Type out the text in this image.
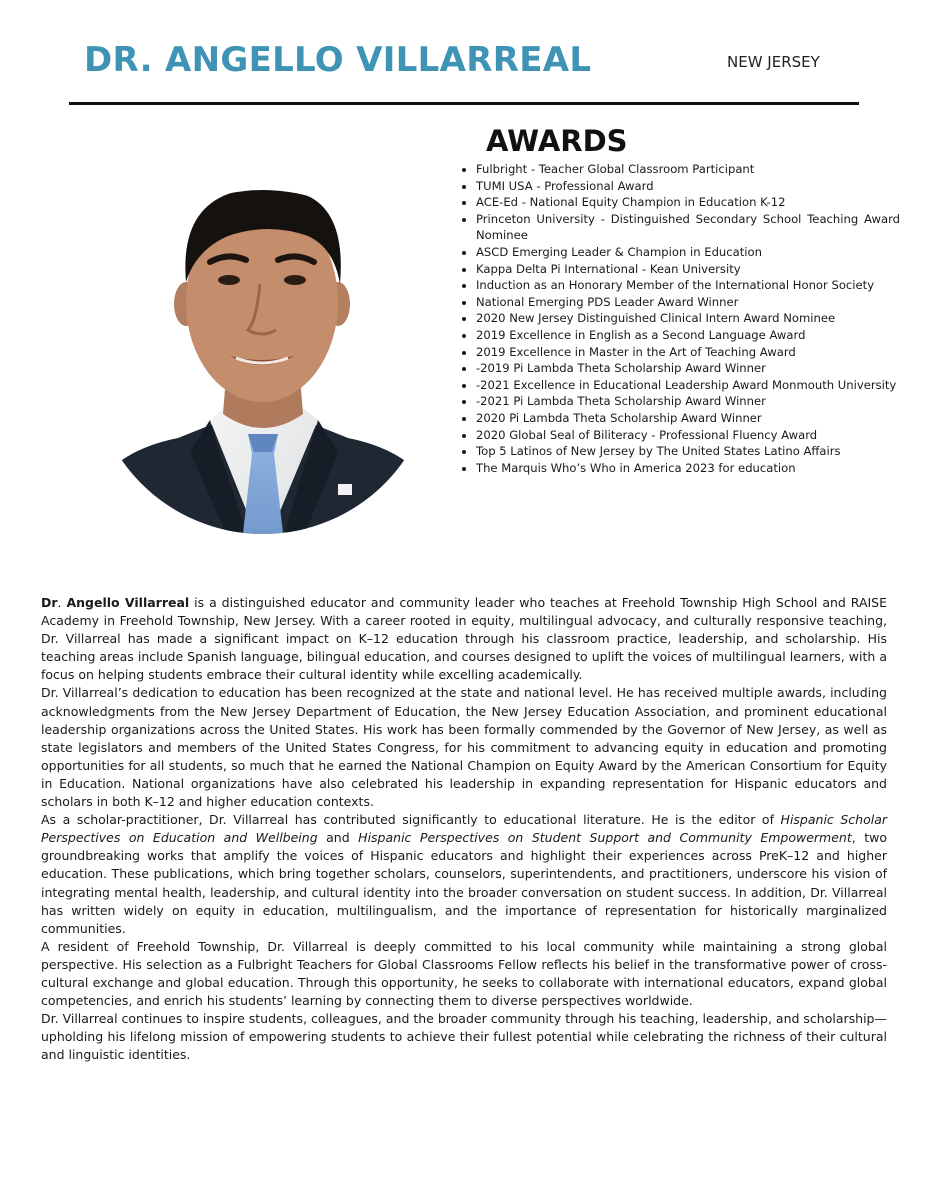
DR. ANGELLO VILLARREAL	NEW JERSEY
AWARDS
• Fulbright - Teacher Global Classroom Participant
• TUMI USA - Professional Award
• ACE-Ed - National Equity Champion in Education K-12
• Princeton University - Distinguished Secondary School Teaching Award Nominee
• ASCD Emerging Leader & Champion in Education
• Kappa Delta Pi International - Kean University
• Induction as an Honorary Member of the International Honor Society
• National Emerging PDS Leader Award Winner
• 2020 New Jersey Distinguished Clinical Intern Award Nominee
• 2019 Excellence in English as a Second Language Award
• 2019 Excellence in Master in the Art of Teaching Award
• -2019 Pi Lambda Theta Scholarship Award Winner
• -2021 Excellence in Educational Leadership Award Monmouth University
• -2021 Pi Lambda Theta Scholarship Award Winner
• 2020 Pi Lambda Theta Scholarship Award Winner
• 2020 Global Seal of Biliteracy - Professional Fluency Award
• Top 5 Latinos of New Jersey by The United States Latino Affairs
• The Marquis Who’s Who in America 2023 for education

Dr. Angello Villarreal is a distinguished educator and community leader who teaches at Freehold Township High School and RAISE Academy in Freehold Township, New Jersey. With a career rooted in equity, multilingual advocacy, and culturally responsive teaching, Dr. Villarreal has made a significant impact on K–12 education through his classroom practice, leadership, and scholarship. His teaching areas include Spanish language, bilingual education, and courses designed to uplift the voices of multilingual learners, with a focus on helping students embrace their cultural identity while excelling academically.

Dr. Villarreal’s dedication to education has been recognized at the state and national level. He has received multiple awards, including acknowledgments from the New Jersey Department of Education, the New Jersey Education Association, and prominent educational leadership organizations across the United States. His work has been formally commended by the Governor of New Jersey, as well as state legislators and members of the United States Congress, for his commitment to advancing equity in education and promoting opportunities for all students, so much that he earned the National Champion on Equity Award by the American Consortium for Equity in Education. National organizations have also celebrated his leadership in expanding representation for Hispanic educators and scholars in both K–12 and higher education contexts.

As a scholar-practitioner, Dr. Villarreal has contributed significantly to educational literature. He is the editor of Hispanic Scholar Perspectives on Education and Wellbeing and Hispanic Perspectives on Student Support and Community Empowerment, two groundbreaking works that amplify the voices of Hispanic educators and highlight their experiences across PreK–12 and higher education. These publications, which bring together scholars, counselors, superintendents, and practitioners, underscore his vision of integrating mental health, leadership, and cultural identity into the broader conversation on student success. In addition, Dr. Villarreal has written widely on equity in education, multilingualism, and the importance of representation for historically marginalized communities.

A resident of Freehold Township, Dr. Villarreal is deeply committed to his local community while maintaining a strong global perspective. His selection as a Fulbright Teachers for Global Classrooms Fellow reflects his belief in the transformative power of cross-cultural exchange and global education. Through this opportunity, he seeks to collaborate with international educators, expand global competencies, and enrich his students’ learning by connecting them to diverse perspectives worldwide.

Dr. Villarreal continues to inspire students, colleagues, and the broader community through his teaching, leadership, and scholarship—upholding his lifelong mission of empowering students to achieve their fullest potential while celebrating the richness of their cultural and linguistic identities.
